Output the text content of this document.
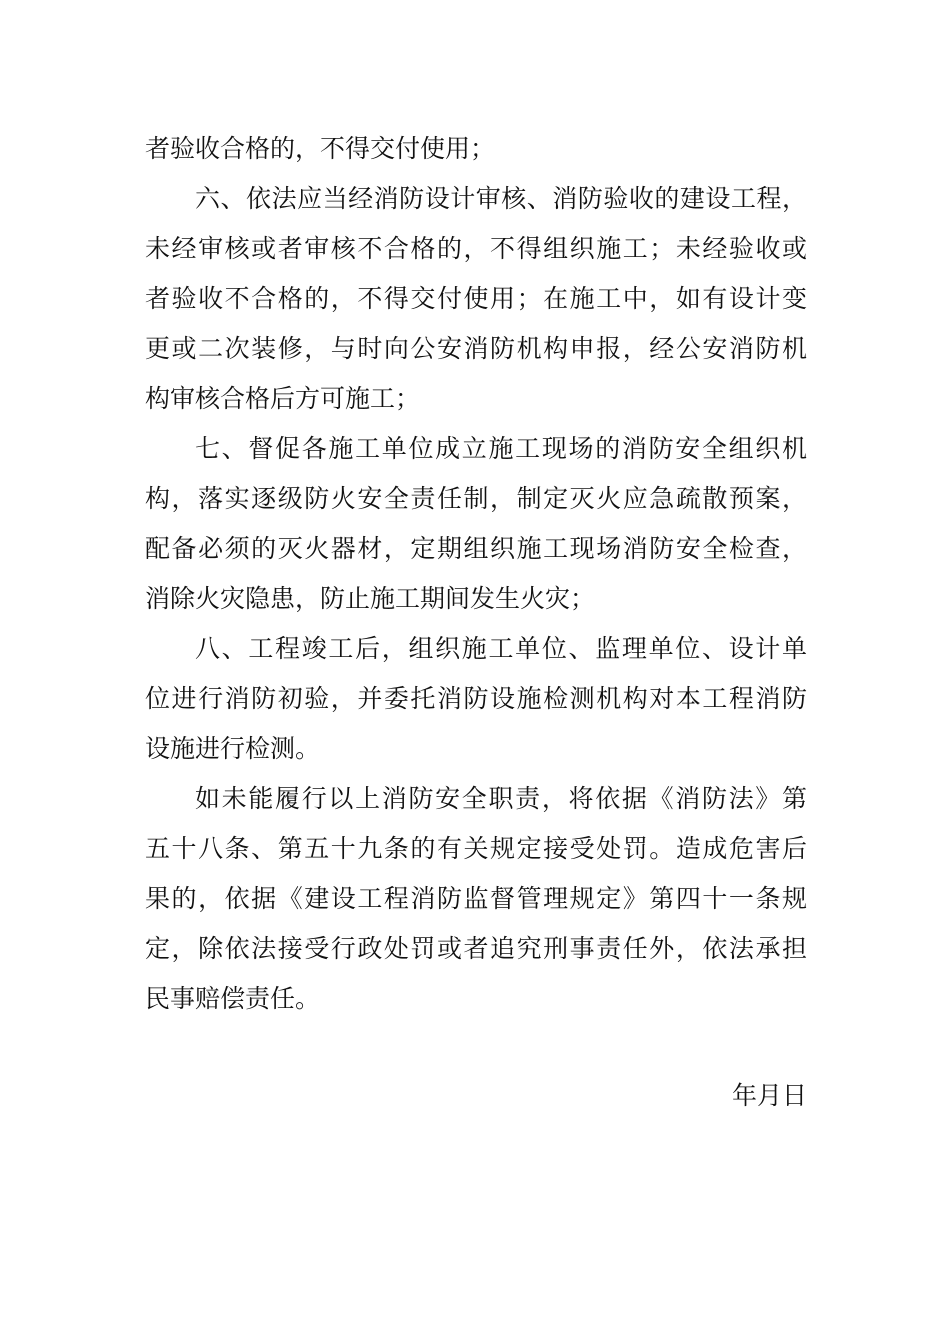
者验收合格的，不得交付使用；
六、依法应当经消防设计审核、消防验收的建设工程，
未经审核或者审核不合格的，不得组织施工；未经验收或
者验收不合格的，不得交付使用；在施工中，如有设计变
更或二次装修，与时向公安消防机构申报，经公安消防机
构审核合格后方可施工；
七、督促各施工单位成立施工现场的消防安全组织机
构，落实逐级防火安全责任制，制定灭火应急疏散预案，
配备必须的灭火器材，定期组织施工现场消防安全检查，
消除火灾隐患，防止施工期间发生火灾；
八、工程竣工后，组织施工单位、监理单位、设计单
位进行消防初验，并委托消防设施检测机构对本工程消防
设施进行检测。
如未能履行以上消防安全职责，将依据《消防法》第
五十八条、第五十九条的有关规定接受处罚。造成危害后
果的，依据《建设工程消防监督管理规定》第四十一条规
定，除依法接受行政处罚或者追究刑事责任外，依法承担
民事赔偿责任。
年月日
